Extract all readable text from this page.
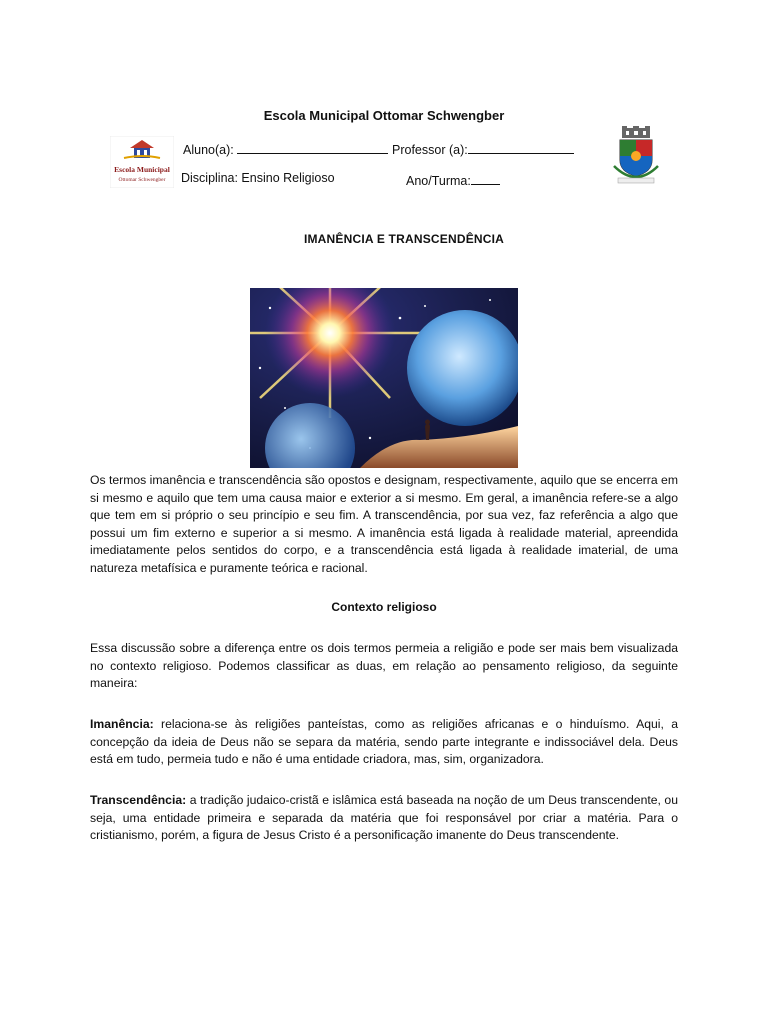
Escola Municipal Ottomar Schwengber
Escola Municipal
Ottomar Schwengber
Aluno(a):	Professor (a):
Disciplina: Ensino Religioso	Ano/Turma:
IMANÊNCIA E TRANSCENDÊNCIA

Os termos imanência e transcendência são opostos e designam, respectivamente, aquilo que se encerra em si mesmo e aquilo que tem uma causa maior e exterior a si mesmo. Em geral, a imanência refere-se a algo que tem em si próprio o seu princípio e seu fim. A transcendência, por sua vez, faz referência a algo que possui um fim externo e superior a si mesmo. A imanência está ligada à realidade material, apreendida imediatamente pelos sentidos do corpo, e a transcendência está ligada à realidade imaterial, de uma natureza metafísica e puramente teórica e racional.

Contexto religioso

Essa discussão sobre a diferença entre os dois termos permeia a religião e pode ser mais bem visualizada no contexto religioso. Podemos classificar as duas, em relação ao pensamento religioso, da seguinte maneira:

Imanência: relaciona-se às religiões panteístas, como as religiões africanas e o hinduísmo. Aqui, a concepção da ideia de Deus não se separa da matéria, sendo parte integrante e indissociável dela. Deus está em tudo, permeia tudo e não é uma entidade criadora, mas, sim, organizadora.

Transcendência: a tradição judaico-cristã e islâmica está baseada na noção de um Deus transcendente, ou seja, uma entidade primeira e separada da matéria que foi responsável por criar a matéria. Para o cristianismo, porém, a figura de Jesus Cristo é a personificação imanente do Deus transcendente.
